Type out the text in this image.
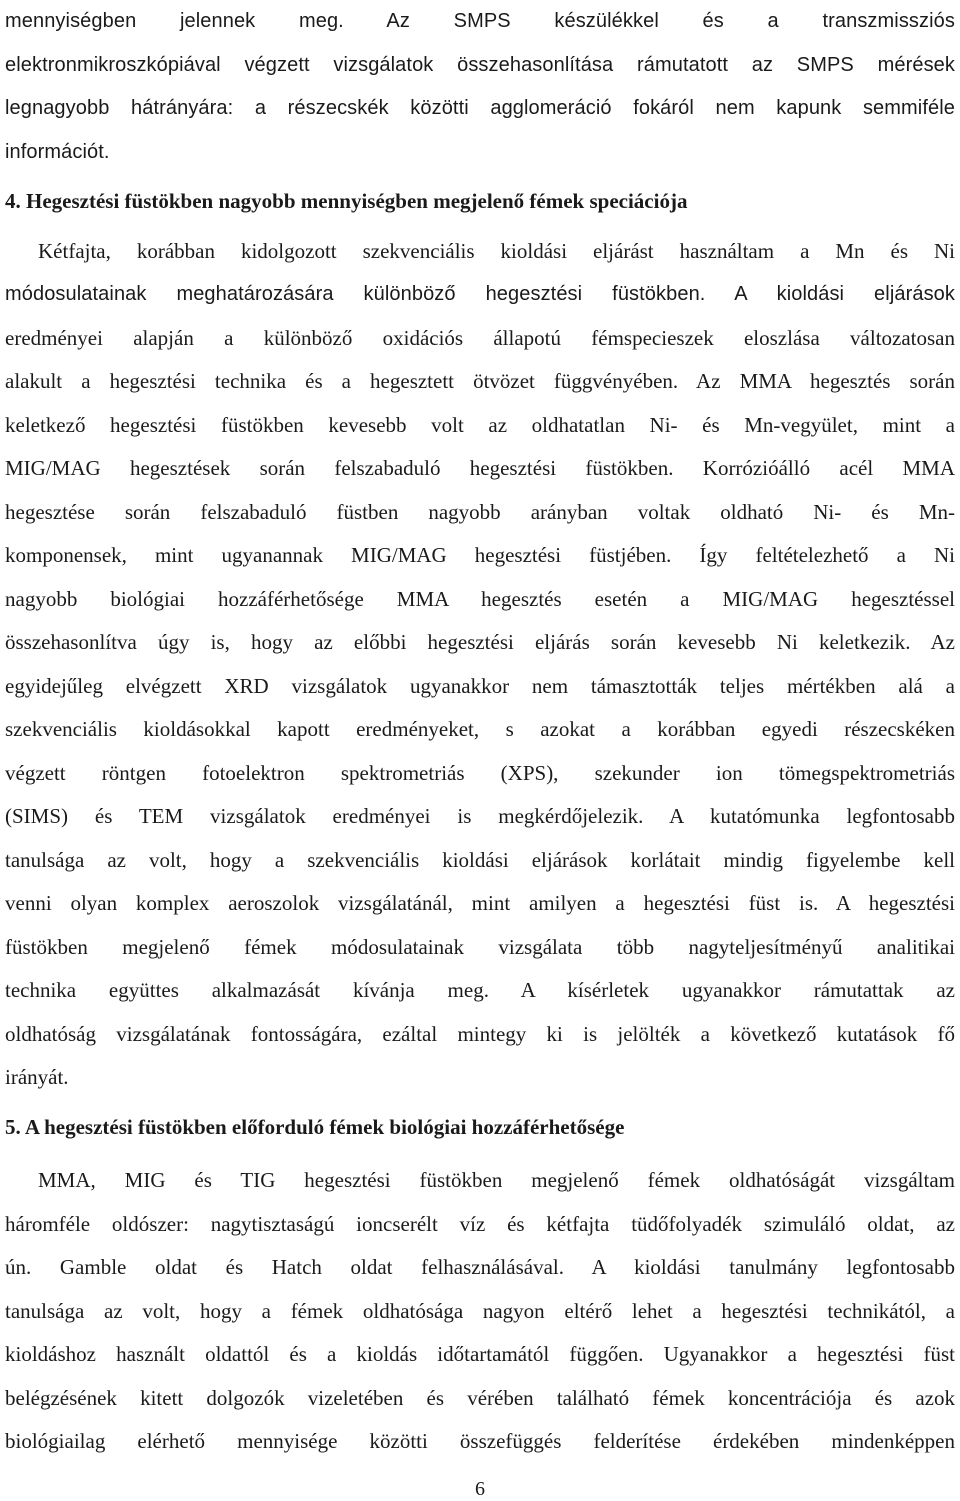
mennyiségben jelennek meg. Az SMPS készülékkel és a transzmissziós
elektronmikroszkópiával végzett vizsgálatok összehasonlítása rámutatott az SMPS mérések
legnagyobb hátrányára: a részecskék közötti agglomeráció fokáról nem kapunk semmiféle
információt.
4. Hegesztési füstökben nagyobb mennyiségben megjelenő fémek speciációja
Kétfajta, korábban kidolgozott szekvenciális kioldási eljárást használtam a Mn és Ni
módosulatainak meghatározására különböző hegesztési füstökben. A kioldási eljárások
eredményei alapján a különböző oxidációs állapotú fémspecieszek eloszlása változatosan
alakult a hegesztési technika és a hegesztett ötvözet függvényében. Az MMA hegesztés során
keletkező hegesztési füstökben kevesebb volt az oldhatatlan Ni- és Mn-vegyület, mint a
MIG/MAG hegesztések során felszabaduló hegesztési füstökben. Korrózióálló acél MMA
hegesztése során felszabaduló füstben nagyobb arányban voltak oldható Ni- és Mn-
komponensek, mint ugyanannak MIG/MAG hegesztési füstjében. Így feltételezhető a Ni
nagyobb biológiai hozzáférhetősége MMA hegesztés esetén a MIG/MAG hegesztéssel
összehasonlítva úgy is, hogy az előbbi hegesztési eljárás során kevesebb Ni keletkezik. Az
egyidejűleg elvégzett XRD vizsgálatok ugyanakkor nem támasztották teljes mértékben alá a
szekvenciális kioldásokkal kapott eredményeket, s azokat a korábban egyedi részecskéken
végzett röntgen fotoelektron spektrometriás (XPS), szekunder ion tömegspektrometriás
(SIMS) és TEM vizsgálatok eredményei is megkérdőjelezik. A kutatómunka legfontosabb
tanulsága az volt, hogy a szekvenciális kioldási eljárások korlátait mindig figyelembe kell
venni olyan komplex aeroszolok vizsgálatánál, mint amilyen a hegesztési füst is. A hegesztési
füstökben megjelenő fémek módosulatainak vizsgálata több nagyteljesítményű analitikai
technika együttes alkalmazását kívánja meg. A kísérletek ugyanakkor rámutattak az
oldhatóság vizsgálatának fontosságára, ezáltal mintegy ki is jelölték a következő kutatások fő
irányát.
5. A hegesztési füstökben előforduló fémek biológiai hozzáférhetősége
MMA, MIG és TIG hegesztési füstökben megjelenő fémek oldhatóságát vizsgáltam
háromféle oldószer: nagytisztaságú ioncserélt víz és kétfajta tüdőfolyadék szimuláló oldat, az
ún. Gamble oldat és Hatch oldat felhasználásával. A kioldási tanulmány legfontosabb
tanulsága az volt, hogy a fémek oldhatósága nagyon eltérő lehet a hegesztési technikától, a
kioldáshoz használt oldattól és a kioldás időtartamától függően. Ugyanakkor a hegesztési füst
belégzésének kitett dolgozók vizeletében és vérében található fémek koncentrációja és azok
biológiailag elérhető mennyisége közötti összefüggés felderítése érdekében mindenképpen
6
